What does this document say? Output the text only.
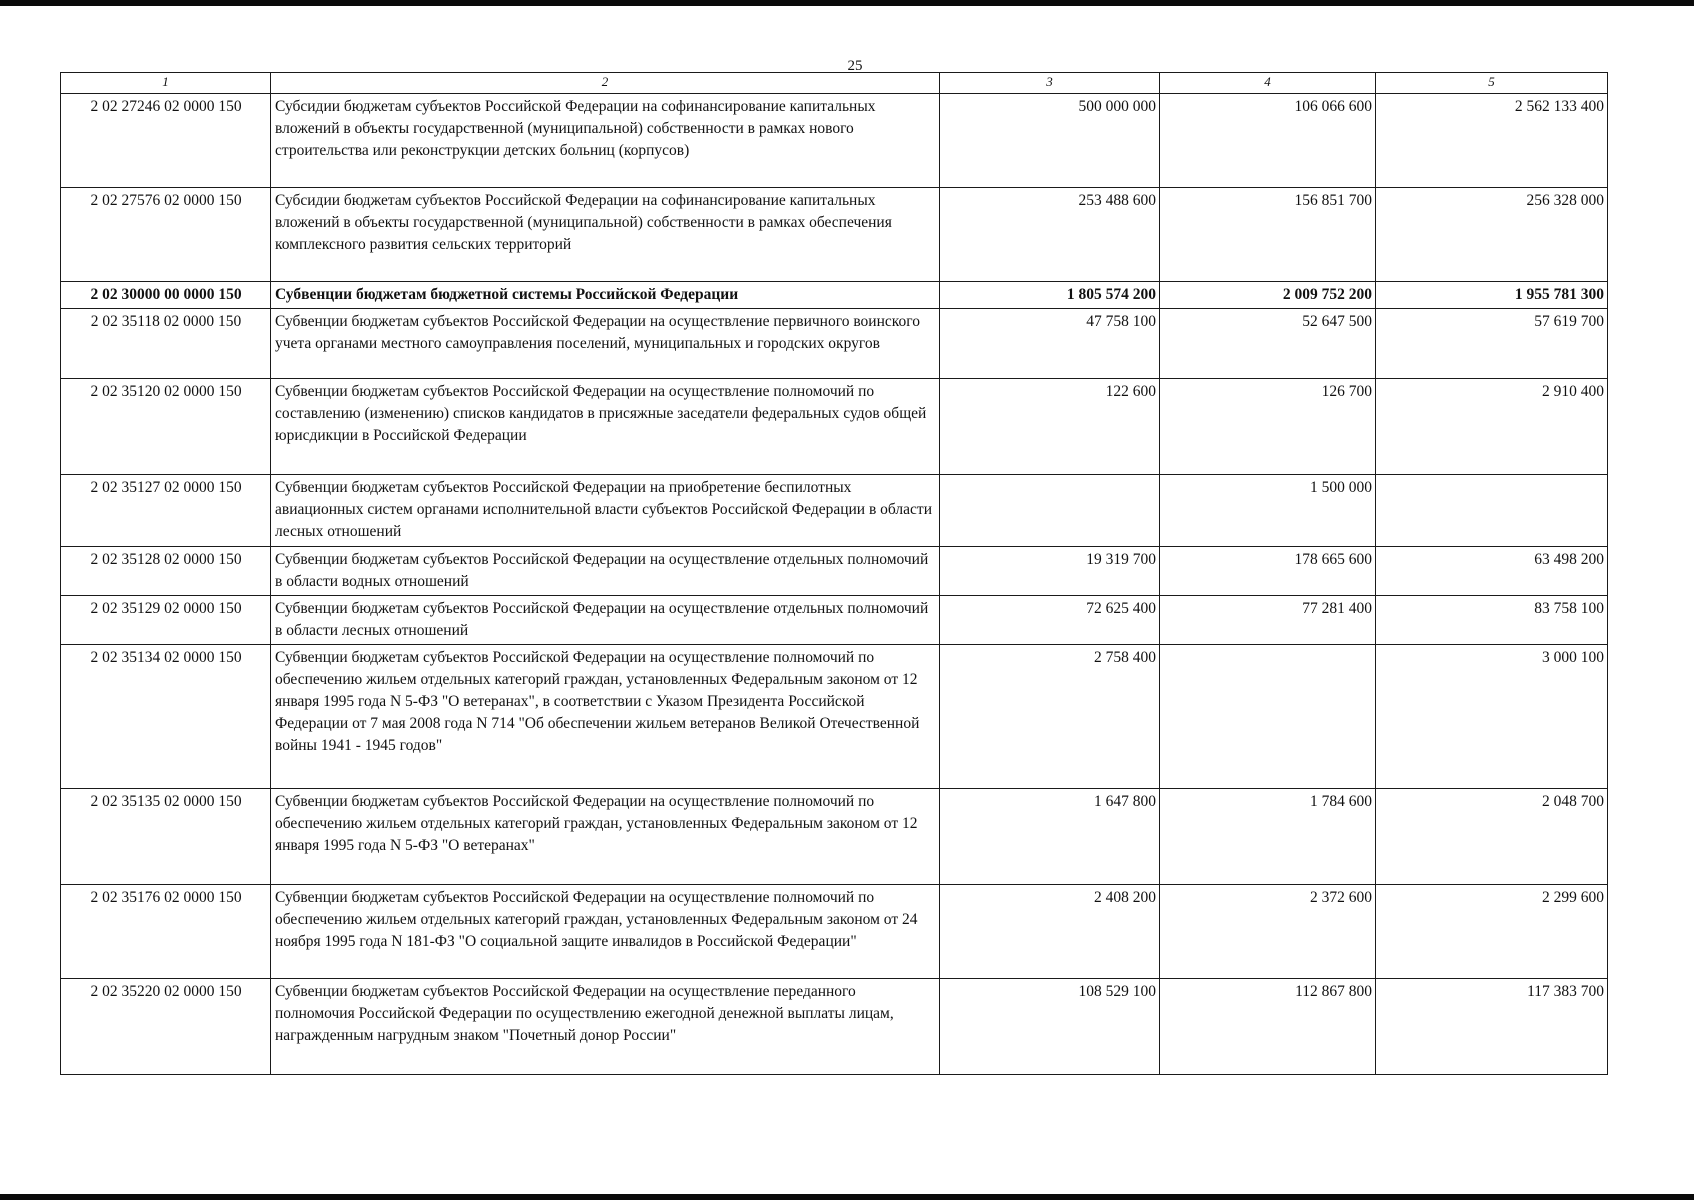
25
1	2	3	4	5
2 02 27246 02 0000 150	Субсидии бюджетам субъектов Российской Федерации на софинансирование капитальных вложений в объекты государственной (муниципальной) собственности в рамках нового строительства или реконструкции детских больниц (корпусов)	500 000 000	106 066 600	2 562 133 400
2 02 27576 02 0000 150	Субсидии бюджетам субъектов Российской Федерации на софинансирование капитальных вложений в объекты государственной (муниципальной) собственности в рамках обеспечения комплексного развития сельских территорий	253 488 600	156 851 700	256 328 000
2 02 30000 00 0000 150	Субвенции бюджетам бюджетной системы Российской Федерации	1 805 574 200	2 009 752 200	1 955 781 300
2 02 35118 02 0000 150	Субвенции бюджетам субъектов Российской Федерации на осуществление первичного воинского учета органами местного самоуправления поселений, муниципальных и городских округов	47 758 100	52 647 500	57 619 700
2 02 35120 02 0000 150	Субвенции бюджетам субъектов Российской Федерации на осуществление полномочий по составлению (изменению) списков кандидатов в присяжные заседатели федеральных судов общей юрисдикции в Российской Федерации	122 600	126 700	2 910 400
2 02 35127 02 0000 150	Субвенции бюджетам субъектов Российской Федерации на приобретение беспилотных авиационных систем органами исполнительной власти субъектов Российской Федерации в области лесных отношений		1 500 000	
2 02 35128 02 0000 150	Субвенции бюджетам субъектов Российской Федерации на осуществление отдельных полномочий в области водных отношений	19 319 700	178 665 600	63 498 200
2 02 35129 02 0000 150	Субвенции бюджетам субъектов Российской Федерации на осуществление отдельных полномочий в области лесных отношений	72 625 400	77 281 400	83 758 100
2 02 35134 02 0000 150	Субвенции бюджетам субъектов Российской Федерации на осуществление полномочий по обеспечению жильем отдельных категорий граждан, установленных Федеральным законом от 12 января 1995 года N 5-ФЗ "О ветеранах", в соответствии с Указом Президента Российской Федерации от 7 мая 2008 года N 714 "Об обеспечении жильем ветеранов Великой Отечественной войны 1941 - 1945 годов"	2 758 400		3 000 100
2 02 35135 02 0000 150	Субвенции бюджетам субъектов Российской Федерации на осуществление полномочий по обеспечению жильем отдельных категорий граждан, установленных Федеральным законом от 12 января 1995 года N 5-ФЗ "О ветеранах"	1 647 800	1 784 600	2 048 700
2 02 35176 02 0000 150	Субвенции бюджетам субъектов Российской Федерации на осуществление полномочий по обеспечению жильем отдельных категорий граждан, установленных Федеральным законом от 24 ноября 1995 года N 181-ФЗ "О социальной защите инвалидов в Российской Федерации"	2 408 200	2 372 600	2 299 600
2 02 35220 02 0000 150	Субвенции бюджетам субъектов Российской Федерации на осуществление переданного полномочия Российской Федерации по осуществлению ежегодной денежной выплаты лицам, награжденным нагрудным знаком "Почетный донор России"	108 529 100	112 867 800	117 383 700
